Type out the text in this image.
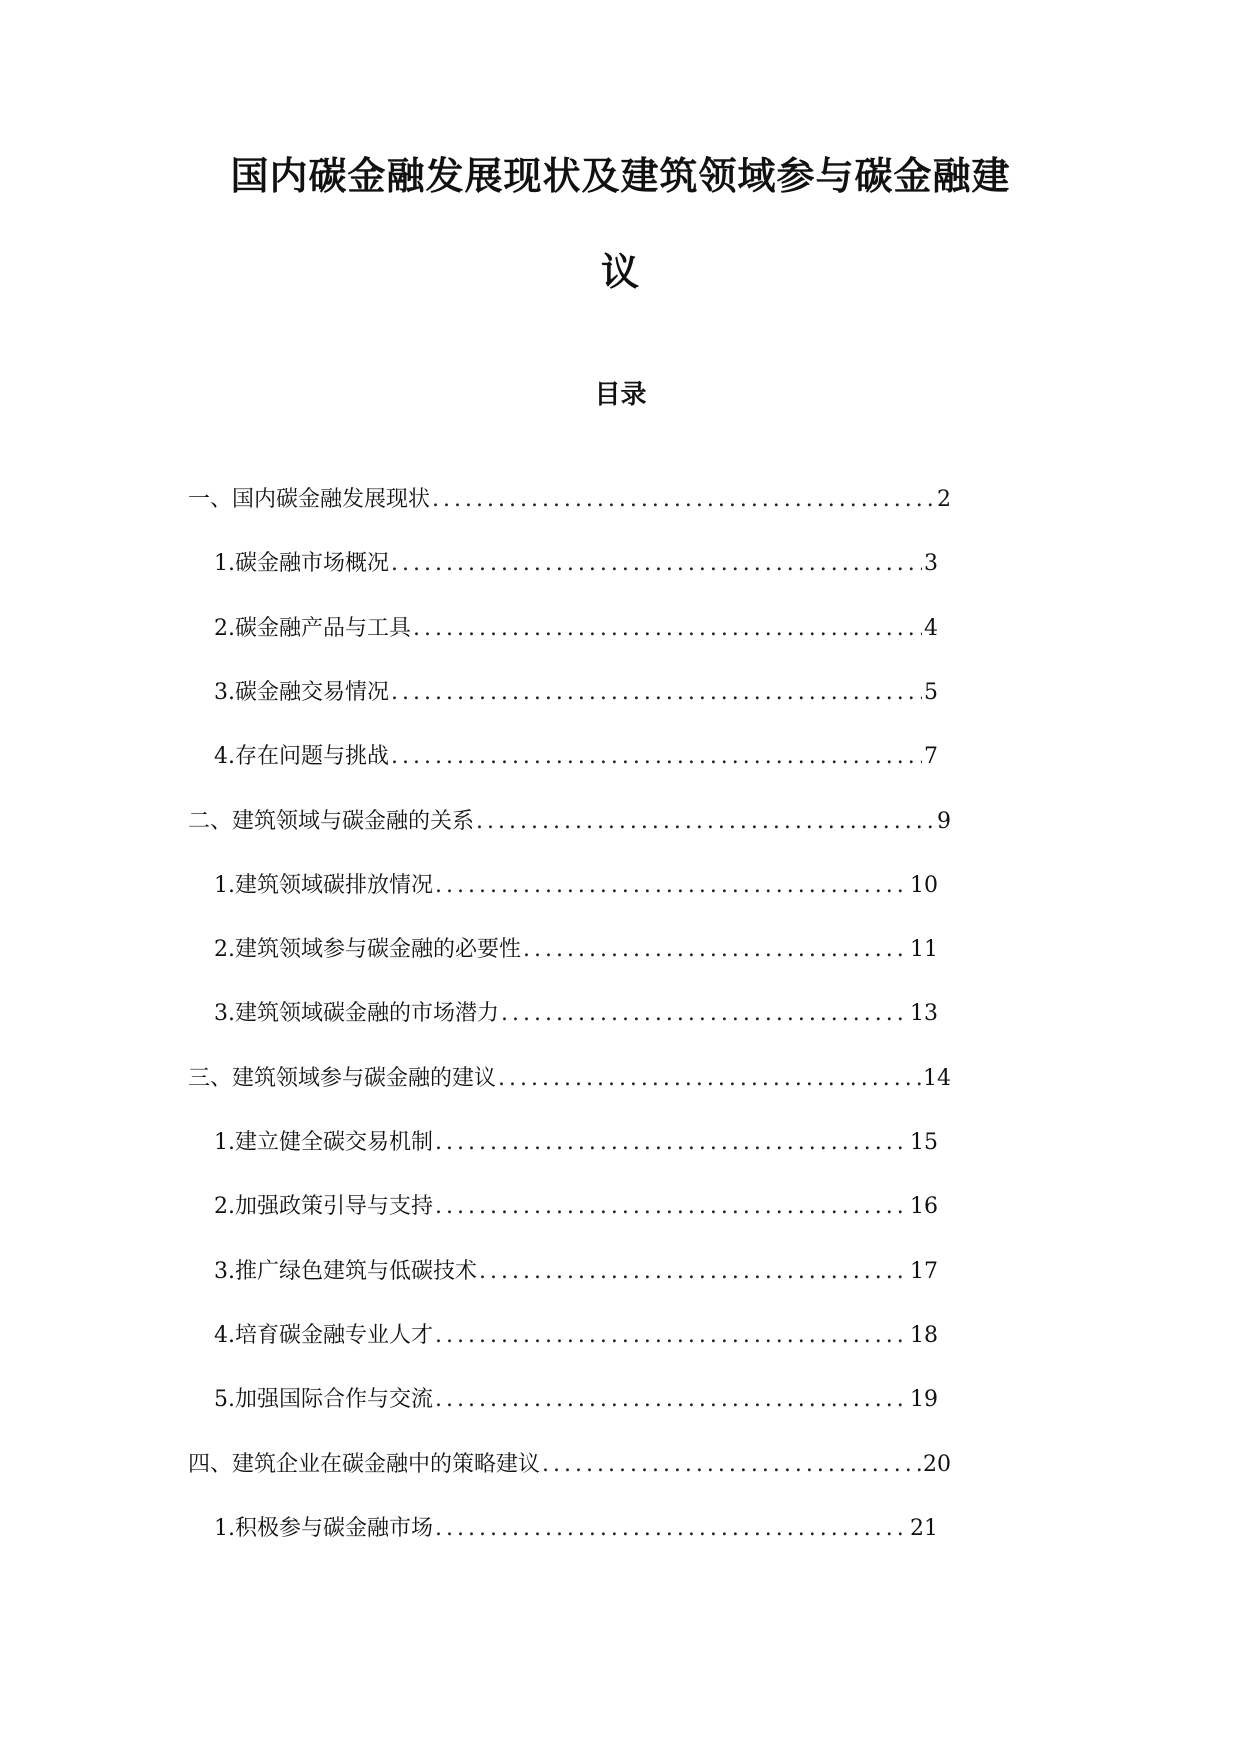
国内碳金融发展现状及建筑领域参与碳金融建
议
目录
一、国内碳金融发展现状 .....	2
1. 碳金融市场概况 .....	3
2. 碳金融产品与工具 .....	4
3. 碳金融交易情况 .....	5
4. 存在问题与挑战 .....	7
二、建筑领域与碳金融的关系 .....	9
1. 建筑领域碳排放情况 .....	10
2. 建筑领域参与碳金融的必要性 .....	11
3. 建筑领域碳金融的市场潜力 .....	13
三、建筑领域参与碳金融的建议 .....	14
1. 建立健全碳交易机制 .....	15
2. 加强政策引导与支持 .....	16
3. 推广绿色建筑与低碳技术 .....	17
4. 培育碳金融专业人才 .....	18
5. 加强国际合作与交流 .....	19
四、建筑企业在碳金融中的策略建议 .....	20
1. 积极参与碳金融市场 .....	21
